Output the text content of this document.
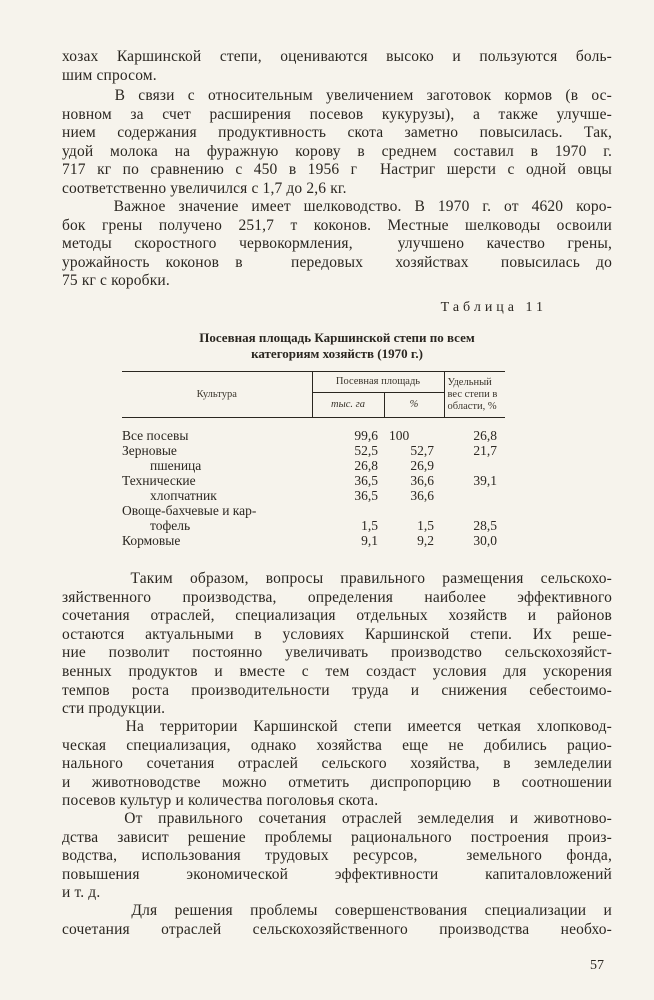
хозах Каршинской степи, оцениваются высоко и пользуются боль-
шим спросом.
В связи с относительным увеличением заготовок кормов (в ос-
новном за счет расширения посевов кукурузы), а также улучше-
нием содержания продуктивность скота заметно повысилась. Так,
удой молока на фуражную корову в среднем составил в 1970 г.
717 кг по сравнению с 450 в 1956 г  Настриг шерсти с одной овцы
соответственно увеличился с 1,7 до 2,6 кг.
Важное значение имеет шелководство. В 1970 г. от 4620 коро-
бок грены получено 251,7 т коконов. Местные шелководы освоили
методы скоростного червокормления,  улучшено качество грены,
урожайность коконов в   передовых  хозяйствах  повысилась до
75 кг с коробки.
Таблица 11
Посевная площадь Каршинской степи по всем
категориям хозяйств (1970 г.)
Культура	Посевная площадь		Удельный
вес степи в
области, %

	тыс. га	%	

Все посевы	99,6	100	26,8
Зерновые	52,5	52,7	21,7
пшеница	26,8	26,9	
Технические	36,5	36,6	39,1
хлопчатник	36,5	36,6	
Овоще-бахчевые и кар-			
тофель	1,5	1,5	28,5
Кормовые	9,1	9,2	30,0
Таким образом, вопросы правильного размещения сельскохо-
зяйственного производства, определения наиболее эффективного
сочетания отраслей, специализация отдельных хозяйств и районов
остаются актуальными в условиях Каршинской степи. Их реше-
ние позволит постоянно увеличивать производство сельскохозяйст-
венных продуктов и вместе с тем создаст условия для ускорения
темпов роста производительности труда и снижения себестоимо-
сти продукции.
На территории Каршинской степи имеется четкая хлопковод-
ческая специализация, однако хозяйства еще не добились рацио-
нального сочетания отраслей сельского хозяйства, в земледелии
и животноводстве можно отметить диспропорцию в соотношении
посевов культур и количества поголовья скота.
От правильного сочетания отраслей земледелия и животново-
дства зависит решение проблемы рационального построения произ-
водства, использования трудовых ресурсов,  земельного фонда,
повышения  экономической  эффективности  капиталовложений
и т. д.
Для решения проблемы совершенствования специализации и
сочетания отраслей сельскохозяйственного производства необхо-
57
